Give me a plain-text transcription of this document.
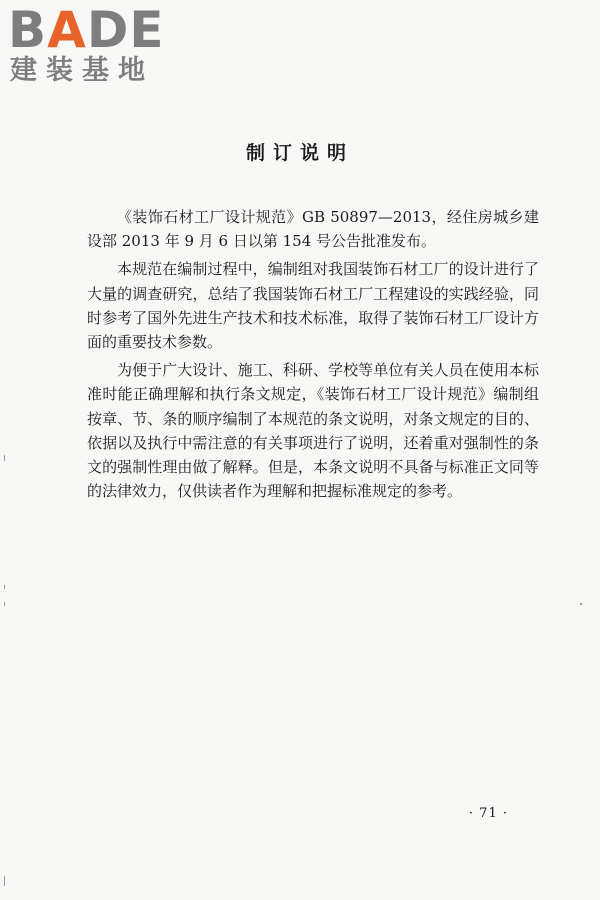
BADE
建装基地
制订说明

《装饰石材工厂设计规范》GB 50897—2013，经住房城乡建设部 2013 年 9 月 6 日以第 154 号公告批准发布。

本规范在编制过程中，编制组对我国装饰石材工厂的设计进行了大量的调查研究，总结了我国装饰石材工厂工程建设的实践经验，同时参考了国外先进生产技术和技术标准，取得了装饰石材工厂设计方面的重要技术参数。

为便于广大设计、施工、科研、学校等单位有关人员在使用本标准时能正确理解和执行条文规定，《装饰石材工厂设计规范》编制组按章、节、条的顺序编制了本规范的条文说明，对条文规定的目的、依据以及执行中需注意的有关事项进行了说明，还着重对强制性的条文的强制性理由做了解释。但是，本条文说明不具备与标准正文同等的法律效力，仅供读者作为理解和把握标准规定的参考。

· 71 ·
